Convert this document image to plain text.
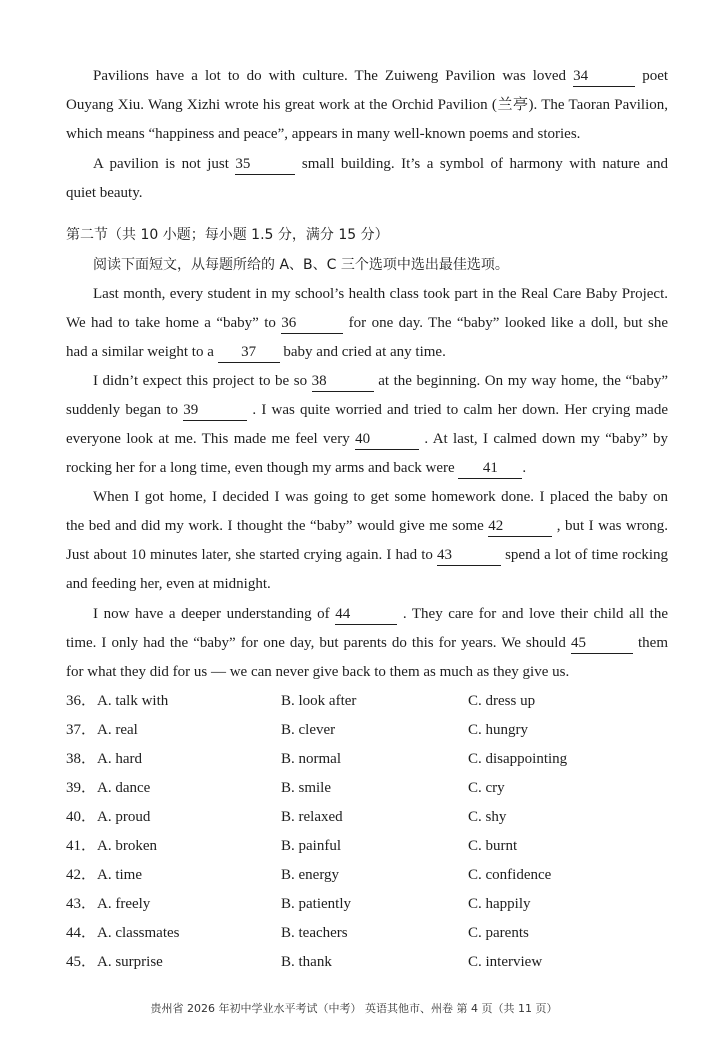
Pavilions have a lot to do with culture. The Zuiweng Pavilion was loved 34	poet
Ouyang Xiu. Wang Xizhi wrote his great work at the Orchid Pavilion (兰亭). The Taoran Pavilion,
which means “happiness and peace”, appears in many well-known poems and stories.
A pavilion is not just 35	small building. It’s a symbol of harmony with nature and
quiet beauty.
第二节（共 10 小题；每小题 1.5 分，满分 15 分）
阅读下面短文，从每题所给的 A、B、C 三个选项中选出最佳选项。
Last month, every student in my school’s health class took part in the Real Care Baby Project.
We had to take home a “baby” to 36	for one day. The “baby” looked like a doll, but she
had a similar weight to a 37 baby and cried at any time.
I didn’t expect this project to be so 38	at the beginning. On my way home, the “baby”
suddenly began to 39	. I was quite worried and tried to calm her down. Her crying made
everyone look at me. This made me feel very 40	. At last, I calmed down my “baby” by
rocking her for a long time, even though my arms and back were 41 .
When I got home, I decided I was going to get some homework done. I placed the baby on
the bed and did my work. I thought the “baby” would give me some 42	, but I was wrong.
Just about 10 minutes later, she started crying again. I had to 43	spend a lot of time rocking
and feeding her, even at midnight.
I now have a deeper understanding of 44	. They care for and love their child all the
time. I only had the “baby” for one day, but parents do this for years. We should 45	them
for what they did for us — we can never give back to them as much as they give us.
36． A. talk with	B. look after	C. dress up
37． A. real	B. clever	C. hungry
38． A. hard	B. normal	C. disappointing
39． A. dance	B. smile	C. cry
40． A. proud	B. relaxed	C. shy
41． A. broken	B. painful	C. burnt
42． A. time	B. energy	C. confidence
43． A. freely	B. patiently	C. happily
44． A. classmates	B. teachers	C. parents
45． A. surprise	B. thank	C. interview
贵州省 2026 年初中学业水平考试（中考） 英语其他市、州卷 第 4 页（共 11 页）
